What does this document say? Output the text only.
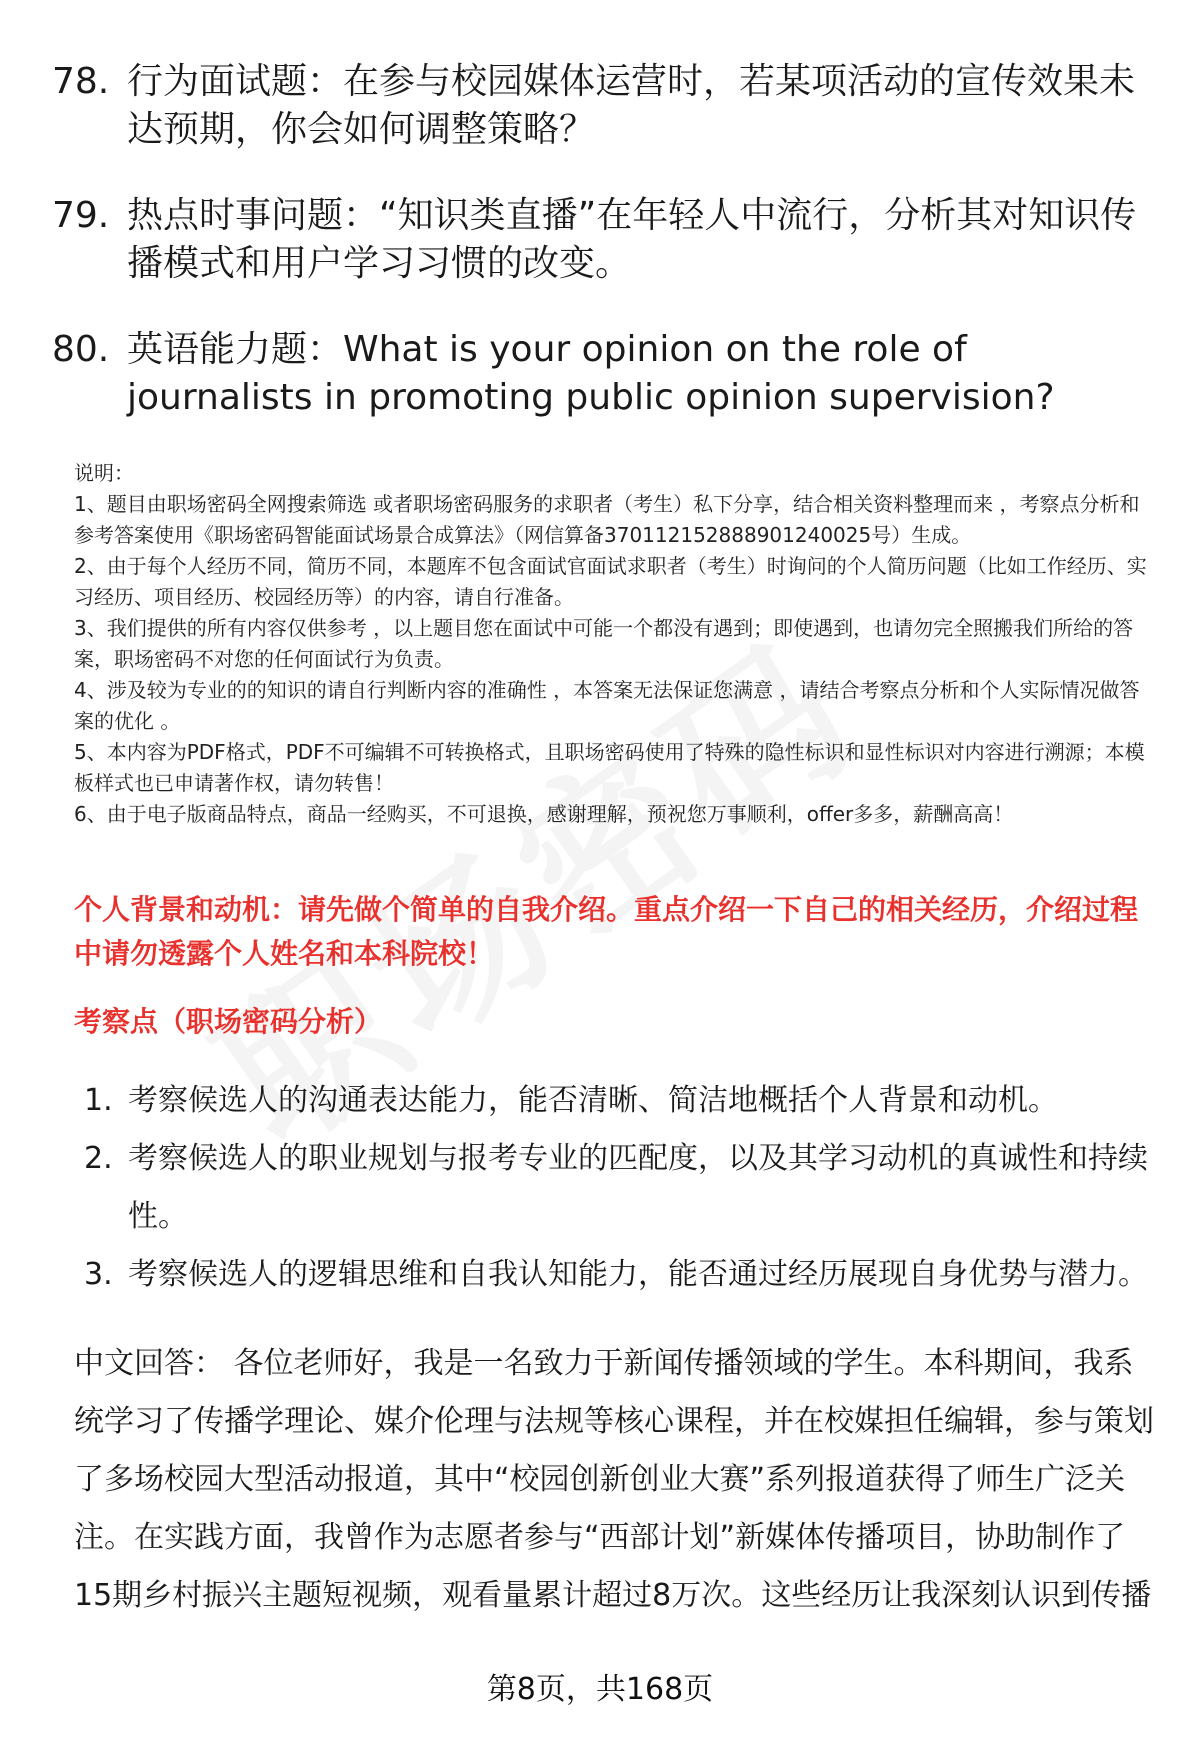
78. 行为面试题：在参与校园媒体运营时，若某项活动的宣传效果未达预期，你会如何调整策略？
79. 热点时事问题：“知识类直播”在年轻人中流行，分析其对知识传播模式和用户学习习惯的改变。
80. 英语能力题：What is your opinion on the role of journalists in promoting public opinion supervision?

说明：

1、题目由职场密码全网搜索筛选 或者职场密码服务的求职者（考生）私下分享，结合相关资料整理而来 ，考察点分析和参考答案使用《职场密码智能面试场景合成算法》（网信算备370112152888901240025号）生成。

2、由于每个人经历不同，简历不同，本题库不包含面试官面试求职者（考生）时询问的个人简历问题（比如工作经历、实习经历、项目经历、校园经历等）的内容，请自行准备。

3、我们提供的所有内容仅供参考 ，以上题目您在面试中可能一个都没有遇到；即使遇到，也请勿完全照搬我们所给的答案，职场密码不对您的任何面试行为负责。

4、涉及较为专业的的知识的请自行判断内容的准确性 ，本答案无法保证您满意 ，请结合考察点分析和个人实际情况做答案的优化 。

5、本内容为PDF格式，PDF不可编辑不可转换格式，且职场密码使用了特殊的隐性标识和显性标识对内容进行溯源；本模板样式也已申请著作权，请勿转售！

6、由于电子版商品特点，商品一经购买，不可退换，感谢理解，预祝您万事顺利，offer多多，薪酬高高！

个人背景和动机：请先做个简单的自我介绍。重点介绍一下自己的相关经历，介绍过程中请勿透露个人姓名和本科院校！
考察点（职场密码分析）
1. 考察候选人的沟通表达能力，能否清晰、简洁地概括个人背景和动机。
2. 考察候选人的职业规划与报考专业的匹配度，以及其学习动机的真诚性和持续性。
3. 考察候选人的逻辑思维和自我认知能力，能否通过经历展现自身优势与潜力。

中文回答： 各位老师好，我是一名致力于新闻传播领域的学生。本科期间，我系统学习了传播学理论、媒介伦理与法规等核心课程，并在校媒担任编辑，参与策划了多场校园大型活动报道，其中“校园创新创业大赛”系列报道获得了师生广泛关注。在实践方面，我曾作为志愿者参与“西部计划”新媒体传播项目，协助制作了15期乡村振兴主题短视频，观看量累计超过8万次。这些经历让我深刻认识到传播

第8页，共168页
